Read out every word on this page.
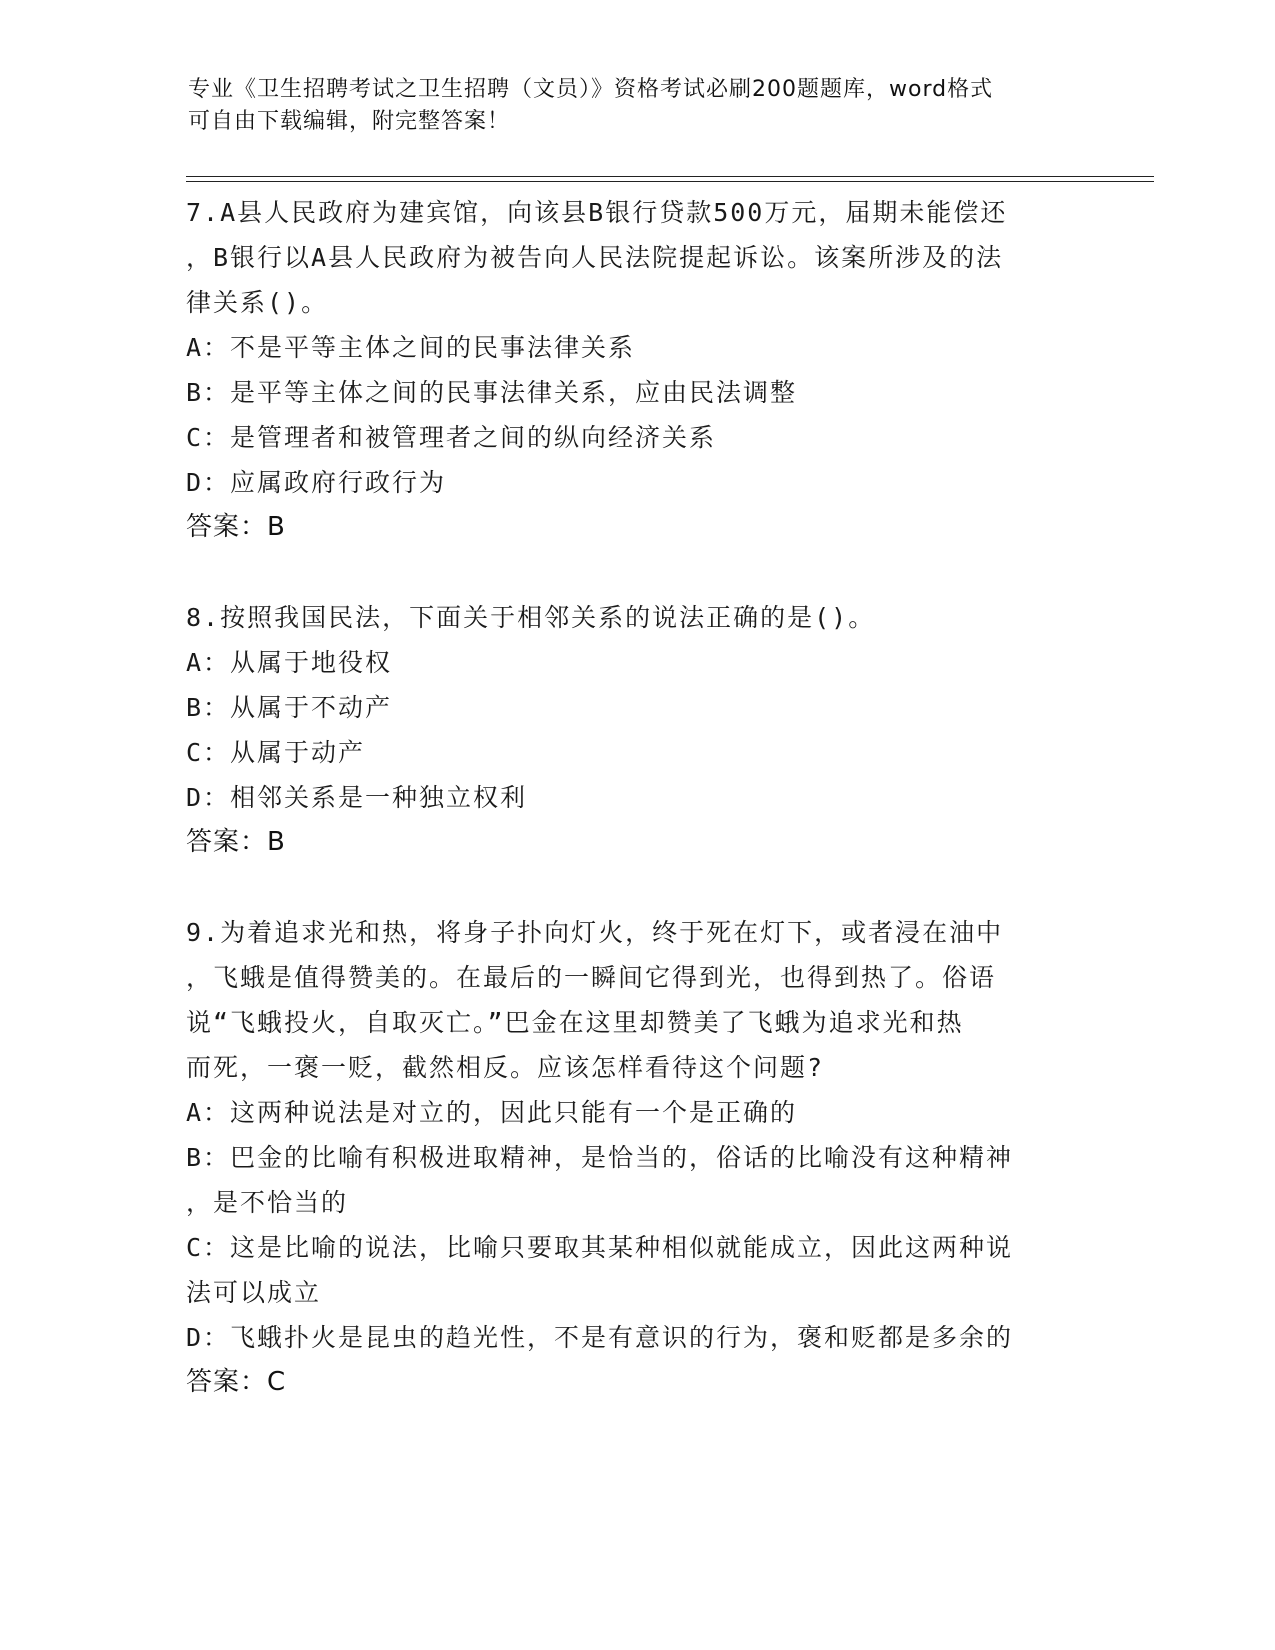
专业《卫生招聘考试之卫生招聘（文员）》资格考试必刷200题题库，word格式
可自由下载编辑，附完整答案！
7.A县人民政府为建宾馆，向该县B银行贷款500万元，届期未能偿还
，B银行以A县人民政府为被告向人民法院提起诉讼。该案所涉及的法
律关系()。
A：不是平等主体之间的民事法律关系
B：是平等主体之间的民事法律关系，应由民法调整
C：是管理者和被管理者之间的纵向经济关系
D：应属政府行政行为
答案：B
8.按照我国民法，下面关于相邻关系的说法正确的是()。
A：从属于地役权
B：从属于不动产
C：从属于动产
D：相邻关系是一种独立权利
答案：B
9.为着追求光和热，将身子扑向灯火，终于死在灯下，或者浸在油中
，飞蛾是值得赞美的。在最后的一瞬间它得到光，也得到热了。俗语
说“飞蛾投火，自取灭亡。”巴金在这里却赞美了飞蛾为追求光和热
而死，一褒一贬，截然相反。应该怎样看待这个问题?
A：这两种说法是对立的，因此只能有一个是正确的
B：巴金的比喻有积极进取精神，是恰当的，俗话的比喻没有这种精神
，是不恰当的
C：这是比喻的说法，比喻只要取其某种相似就能成立，因此这两种说
法可以成立
D：飞蛾扑火是昆虫的趋光性，不是有意识的行为，褒和贬都是多余的
答案：C
